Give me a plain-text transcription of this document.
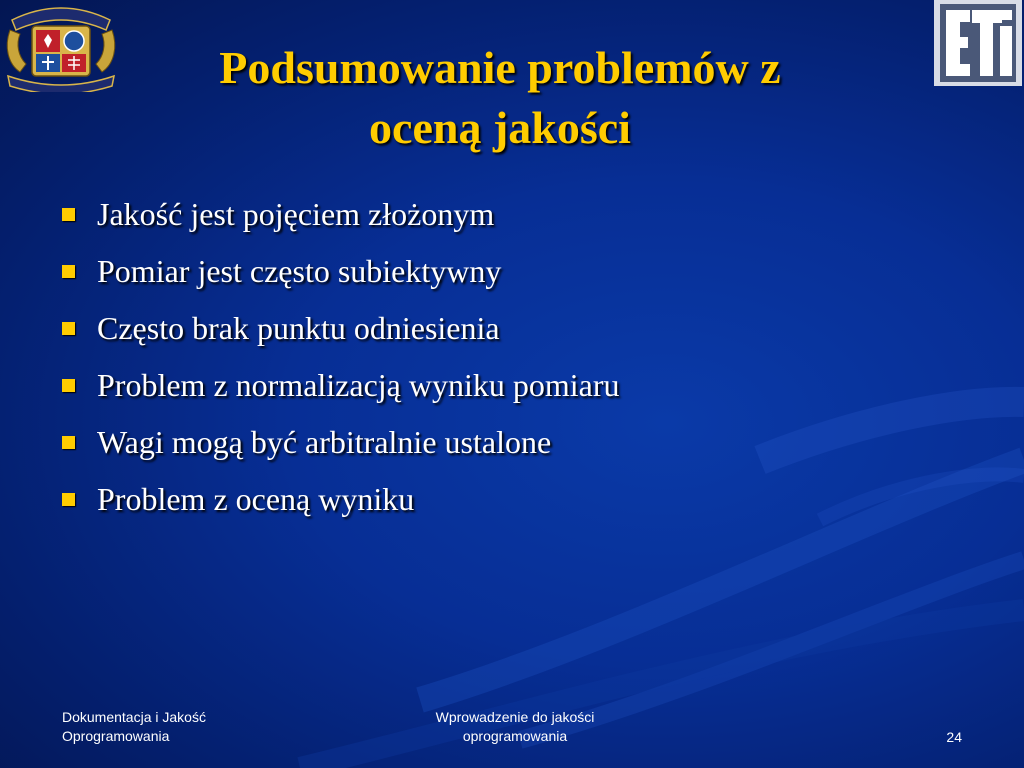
Podsumowanie problemów z
oceną jakości
Jakość jest pojęciem złożonym
Pomiar jest często subiektywny
Często brak punktu odniesienia
Problem z normalizacją wyniku pomiaru
Wagi mogą być arbitralnie ustalone
Problem z oceną wyniku
Dokumentacja i Jakość
Oprogramowania
Wprowadzenie do jakości
oprogramowania	24
